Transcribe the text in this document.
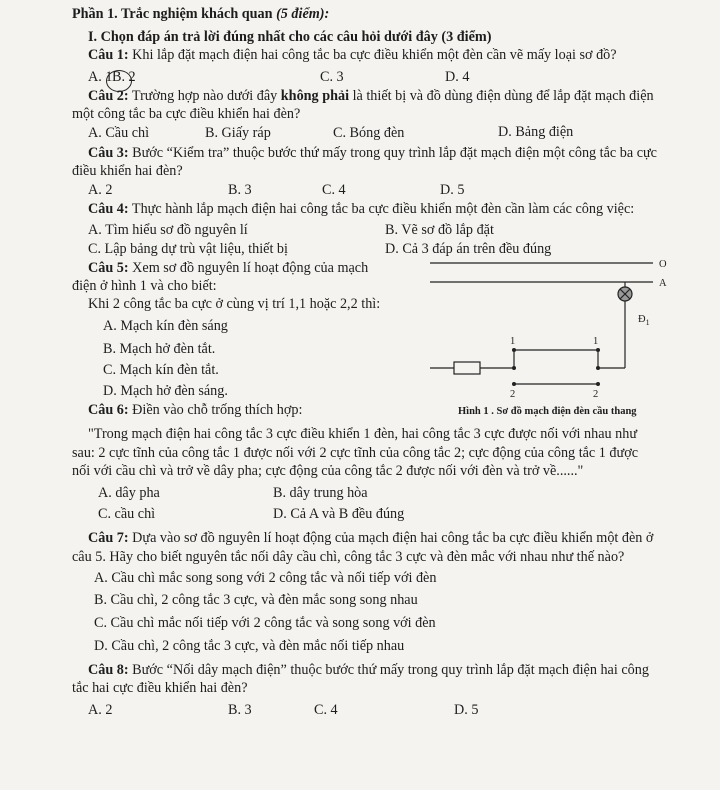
Phần 1. Trắc nghiệm khách quan (5 điểm):
I. Chọn đáp án trả lời đúng nhất cho các câu hỏi dưới đây (3 điểm)
Câu 1: Khi lắp đặt mạch điện hai công tắc ba cực điều khiển một đèn cần vẽ mấy loại sơ đồ?
A. 1 B. 2	C. 3	D. 4
Câu 2: Trường hợp nào dưới đây không phải là thiết bị và đồ dùng điện dùng để lắp đặt mạch điện
một công tắc ba cực điều khiển hai đèn?
A. Cầu chì	B. Giấy ráp	C. Bóng đèn	D. Bảng điện
Câu 3: Bước “Kiểm tra” thuộc bước thứ mấy trong quy trình lắp đặt mạch điện một công tắc ba cực
điều khiển hai đèn?
A. 2	B. 3	C. 4	D. 5
Câu 4: Thực hành lắp mạch điện hai công tắc ba cực điều khiển một đèn cần làm các công việc:
A. Tìm hiểu sơ đồ nguyên lí	B. Vẽ sơ đồ lắp đặt
C. Lập bảng dự trù vật liệu, thiết bị	D. Cả 3 đáp án trên đều đúng
Câu 5: Xem sơ đồ nguyên lí hoạt động của mạch
điện ở hình 1 và cho biết:
Khi 2 công tắc ba cực ở cùng vị trí 1,1 hoặc 2,2 thì:
A. Mạch kín đèn sáng
B. Mạch hở đèn tắt.
C. Mạch kín đèn tắt.
D. Mạch hở đèn sáng.
O
A
$Đ_1$
1	1
2	2
Hình 1 . Sơ đồ mạch điện đèn cầu thang
Câu 6: Điền vào chỗ trống thích hợp:
"Trong mạch điện hai công tắc 3 cực điều khiển 1 đèn, hai công tắc 3 cực được nối với nhau như
sau: 2 cực tĩnh của công tắc 1 được nối với 2 cực tĩnh của công tắc 2; cực động của công tắc 1 được
nối với cầu chì và trở về dây pha; cực động của công tắc 2 được nối với đèn và trở về......"
A. dây pha	B. dây trung hòa
C. cầu chì	D. Cả A và B đều đúng
Câu 7: Dựa vào sơ đồ nguyên lí hoạt động của mạch điện hai công tắc ba cực điều khiển một đèn ở
câu 5. Hãy cho biết nguyên tắc nối dây cầu chì, công tắc 3 cực và đèn mắc với nhau như thế nào?
A. Cầu chì mắc song song với 2 công tắc và nối tiếp với đèn
B. Cầu chì, 2 công tắc 3 cực, và đèn mắc song song nhau
C. Cầu chì mắc nối tiếp với 2 công tắc và song song với đèn
D. Cầu chì, 2 công tắc 3 cực, và đèn mắc nối tiếp nhau
Câu 8: Bước “Nối dây mạch điện” thuộc bước thứ mấy trong quy trình lắp đặt mạch điện hai công
tắc hai cực điều khiển hai đèn?
A. 2	B. 3	C. 4	D. 5
